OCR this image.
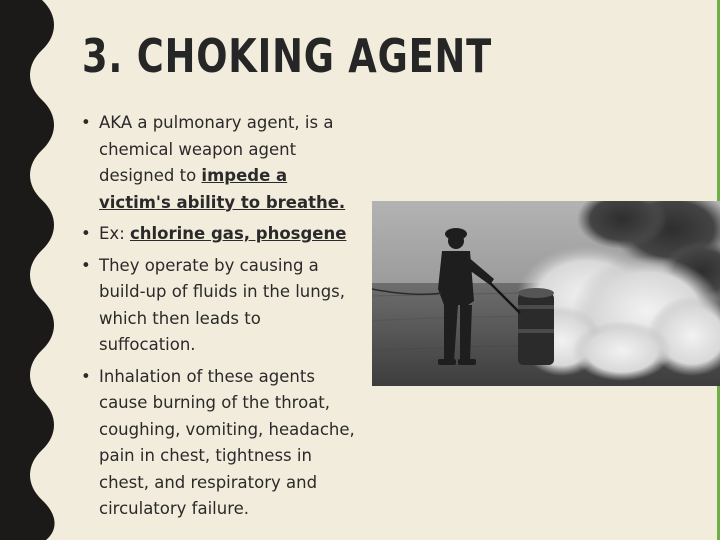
3. CHOKING AGENT
• AKA a pulmonary agent, is a chemical weapon agent designed to impede a victim's ability to breathe.
• Ex: chlorine gas, phosgene
• They operate by causing a build-up of fluids in the lungs, which then leads to suffocation.
• Inhalation of these agents cause burning of the throat, coughing, vomiting, headache, pain in chest, tightness in chest, and respiratory and circulatory failure.
